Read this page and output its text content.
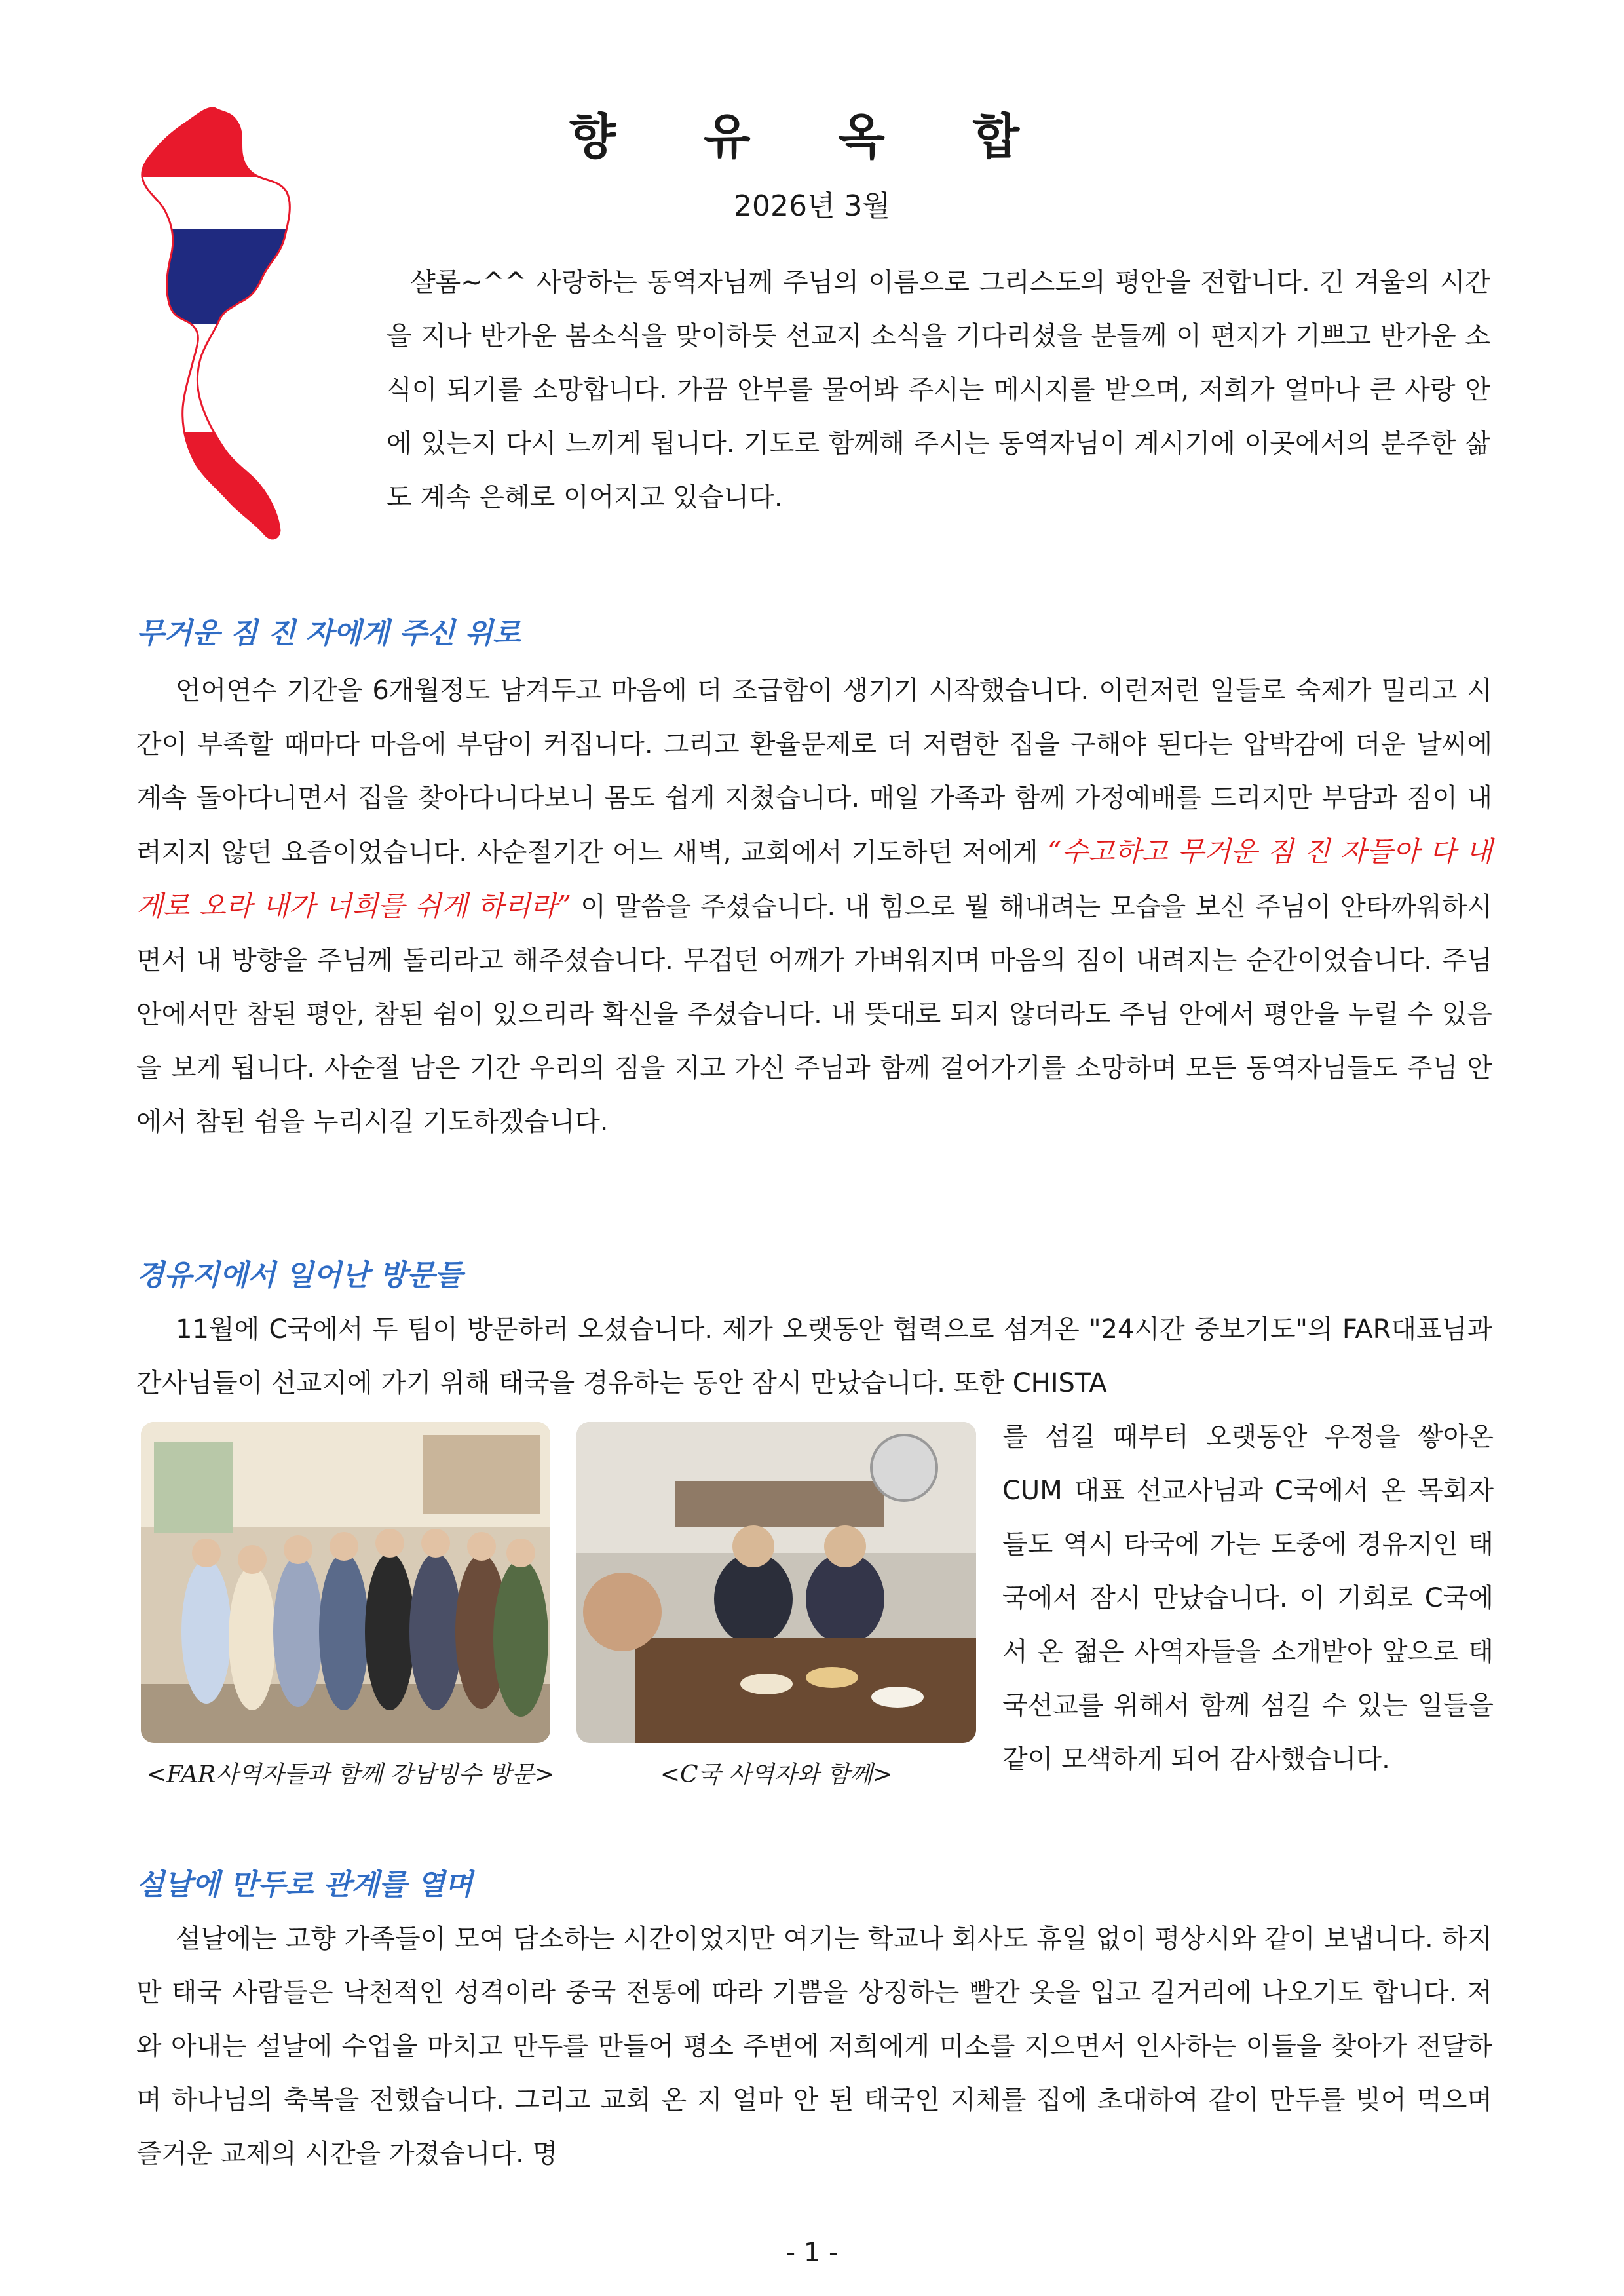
향 유 옥 합
2026년 3월

샬롬~^^ 사랑하는 동역자님께 주님의 이름으로 그리스도의 평안을 전합니다. 긴 겨울의 시간을 지나 반가운 봄소식을 맞이하듯 선교지 소식을 기다리셨을 분들께 이 편지가 기쁘고 반가운 소식이 되기를 소망합니다. 가끔 안부를 물어봐 주시는 메시지를 받으며, 저희가 얼마나 큰 사랑 안에 있는지 다시 느끼게 됩니다. 기도로 함께해 주시는 동역자님이 계시기에 이곳에서의 분주한 삶도 계속 은혜로 이어지고 있습니다.

무거운 짐 진 자에게 주신 위로

언어연수 기간을 6개월정도 남겨두고 마음에 더 조급함이 생기기 시작했습니다. 이런저런 일들로 숙제가 밀리고 시간이 부족할 때마다 마음에 부담이 커집니다. 그리고 환율문제로 더 저렴한 집을 구해야 된다는 압박감에 더운 날씨에 계속 돌아다니면서 집을 찾아다니다보니 몸도 쉽게 지쳤습니다. 매일 가족과 함께 가정예배를 드리지만 부담과 짐이 내려지지 않던 요즘이었습니다. 사순절기간 어느 새벽, 교회에서 기도하던 저에게 “수고하고 무거운 짐 진 자들아 다 내게로 오라 내가 너희를 쉬게 하리라” 이 말씀을 주셨습니다. 내 힘으로 뭘 해내려는 모습을 보신 주님이 안타까워하시면서 내 방향을 주님께 돌리라고 해주셨습니다. 무겁던 어깨가 가벼워지며 마음의 짐이 내려지는 순간이었습니다. 주님 안에서만 참된 평안, 참된 쉼이 있으리라 확신을 주셨습니다. 내 뜻대로 되지 않더라도 주님 안에서 평안을 누릴 수 있음을 보게 됩니다. 사순절 남은 기간 우리의 짐을 지고 가신 주님과 함께 걸어가기를 소망하며 모든 동역자님들도 주님 안에서 참된 쉼을 누리시길 기도하겠습니다.

경유지에서 일어난 방문들

11월에 C국에서 두 팀이 방문하러 오셨습니다. 제가 오랫동안 협력으로 섬겨온 "24시간 중보기도"의 FAR대표님과 간사님들이 선교지에 가기 위해 태국을 경유하는 동안 잠시 만났습니다. 또한 CHISTA

를 섬길 때부터 오랫동안 우정을 쌓아온 CUM 대표 선교사님과 C국에서 온 목회자들도 역시 타국에 가는 도중에 경유지인 태국에서 잠시 만났습니다. 이 기회로 C국에서 온 젊은 사역자들을 소개받아 앞으로 태국선교를 위해서 함께 섬길 수 있는 일들을 같이 모색하게 되어 감사했습니다.

<FAR사역자들과 함께 강남빙수 방문>	<C국 사역자와 함께>

설날에 만두로 관계를 열며

설날에는 고향 가족들이 모여 담소하는 시간이었지만 여기는 학교나 회사도 휴일 없이 평상시와 같이 보냅니다. 하지만 태국 사람들은 낙천적인 성격이라 중국 전통에 따라 기쁨을 상징하는 빨간 옷을 입고 길거리에 나오기도 합니다. 저와 아내는 설날에 수업을 마치고 만두를 만들어 평소 주변에 저희에게 미소를 지으면서 인사하는 이들을 찾아가 전달하며 하나님의 축복을 전했습니다. 그리고 교회 온 지 얼마 안 된 태국인 지체를 집에 초대하여 같이 만두를 빚어 먹으며 즐거운 교제의 시간을 가졌습니다. 명

- 1 -
